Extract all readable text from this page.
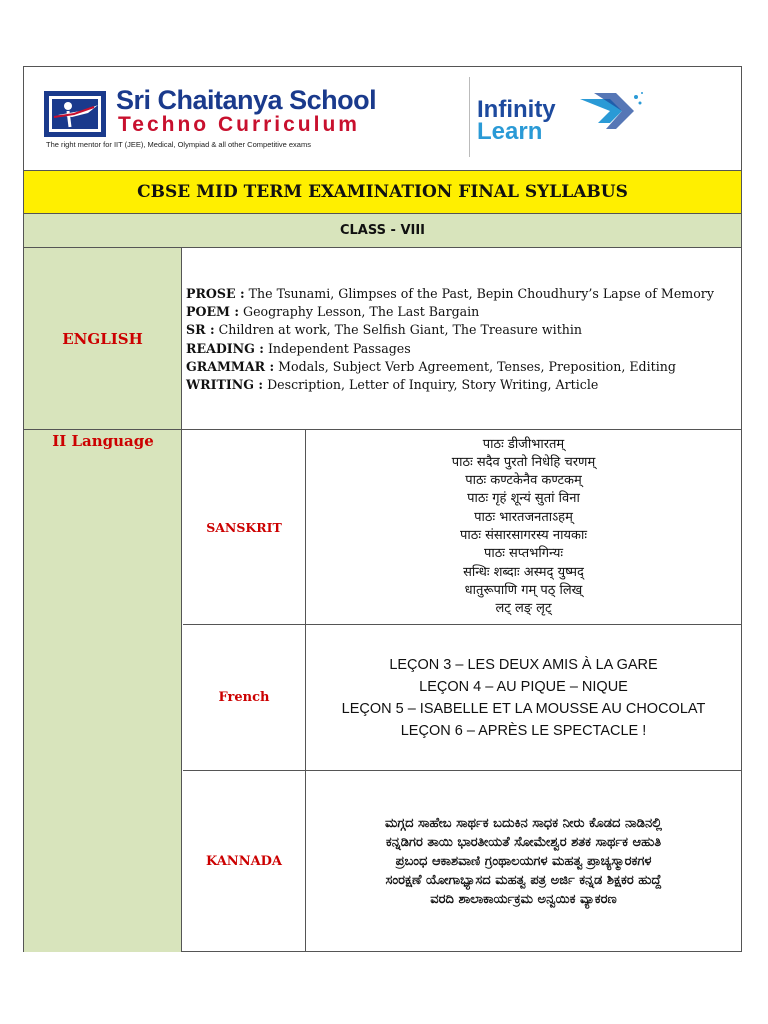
Sri Chaitanya School
Techno Curriculum
The right mentor for IIT (JEE), Medical, Olympiad & all other Competitive exams
Infinity
Learn
CBSE MID TERM EXAMINATION FINAL SYLLABUS
CLASS - VIII
ENGLISH
PROSE : The Tsunami, Glimpses of the Past, Bepin Choudhury’s Lapse of Memory
POEM : Geography Lesson, The Last Bargain
SR : Children at work, The Selfish Giant, The Treasure within
READING : Independent Passages
GRAMMAR : Modals, Subject Verb Agreement, Tenses, Preposition, Editing
WRITING : Description, Letter of Inquiry, Story Writing, Article
II Language
SANSKRIT
पाठः डीजीभारतम्
पाठः सदैव पुरतो निधेहि चरणम्
पाठः कण्टकेनैव कण्टकम्
पाठः गृहं शून्यं सुतां विना
पाठः भारतजनताऽहम्
पाठः संसारसागरस्य नायकाः
पाठः सप्तभगिन्यः
सन्धिः शब्दाः अस्मद् युष्मद्
धातुरूपाणि गम् पठ् लिख्
लट् लङ् लृट्
French
LEÇON 3 – LES DEUX AMIS À LA GARE
LEÇON 4 – AU PIQUE – NIQUE
LEÇON 5 – ISABELLE ET LA MOUSSE AU CHOCOLAT
LEÇON 6 – APRÈS LE SPECTACLE !
KANNADA
ಮಗ್ಗದ ಸಾಹೇಬ ಸಾರ್ಥಕ ಬದುಕಿನ ಸಾಧಕ ನೀರು ಕೊಡದ ನಾಡಿನಲ್ಲಿ
ಕನ್ನಡಿಗರ ತಾಯಿ ಭಾರತೀಯತೆ ಸೋಮೇಶ್ವರ ಶತಕ ಸಾರ್ಥಕ ಆಹುತಿ
ಪ್ರಬಂಧ ಆಕಾಶವಾಣಿ ಗ್ರಂಥಾಲಯಗಳ ಮಹತ್ವ ಪ್ರಾಚ್ಯಸ್ಮಾರಕಗಳ
ಸಂರಕ್ಷಣೆ ಯೋಗಾಭ್ಯಾಸದ ಮಹತ್ವ ಪತ್ರ ಅರ್ಜಿ ಕನ್ನಡ ಶಿಕ್ಷಕರ ಹುದ್ದೆ
ವರದಿ ಶಾಲಾಕಾರ್ಯಕ್ರಮ ಅನ್ವಯಿಕ ವ್ಯಾಕರಣ
